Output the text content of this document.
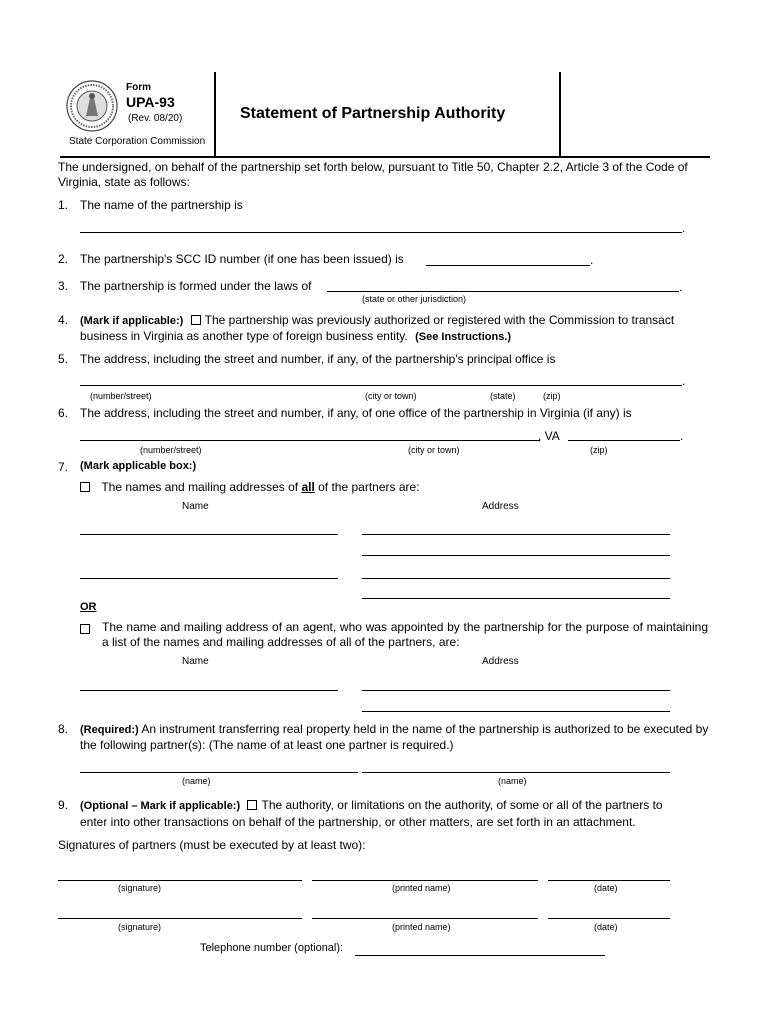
Form
UPA-93
(Rev. 08/20)
State Corporation Commission
Statement of Partnership Authority
The undersigned, on behalf of the partnership set forth below, pursuant to Title 50, Chapter 2.2, Article 3 of the Code of Virginia, state as follows:
1. The name of the partnership is
.
2. The partnership's SCC ID number (if one has been issued) is	.
3. The partnership is formed under the laws of	.
(state or other jurisdiction)
4. (Mark if applicable:) The partnership was previously authorized or registered with the Commission to transact
business in Virginia as another type of foreign business entity. (See Instructions.)
5. The address, including the street and number, if any, of the partnership's principal office is
.
(number/street)	(city or town)	(state)	(zip)
6. The address, including the street and number, if any, of one office of the partnership in Virginia (if any) is
, VA	.
(number/street)	(city or town)	(zip)
7. (Mark applicable box:)
The names and mailing addresses of all of the partners are:
Name	Address
OR
The name and mailing address of an agent, who was appointed by the partnership for the purpose of maintaining a list of the names and mailing addresses of all of the partners, are:
Name	Address
8. (Required:) An instrument transferring real property held in the name of the partnership is authorized to be executed by the following partner(s): (The name of at least one partner is required.)
(name)	(name)
9. (Optional – Mark if applicable:) The authority, or limitations on the authority, of some or all of the partners to
enter into other transactions on behalf of the partnership, or other matters, are set forth in an attachment.
Signatures of partners (must be executed by at least two):
(signature)	(printed name)	(date)
(signature)	(printed name)	(date)
Telephone number (optional):
